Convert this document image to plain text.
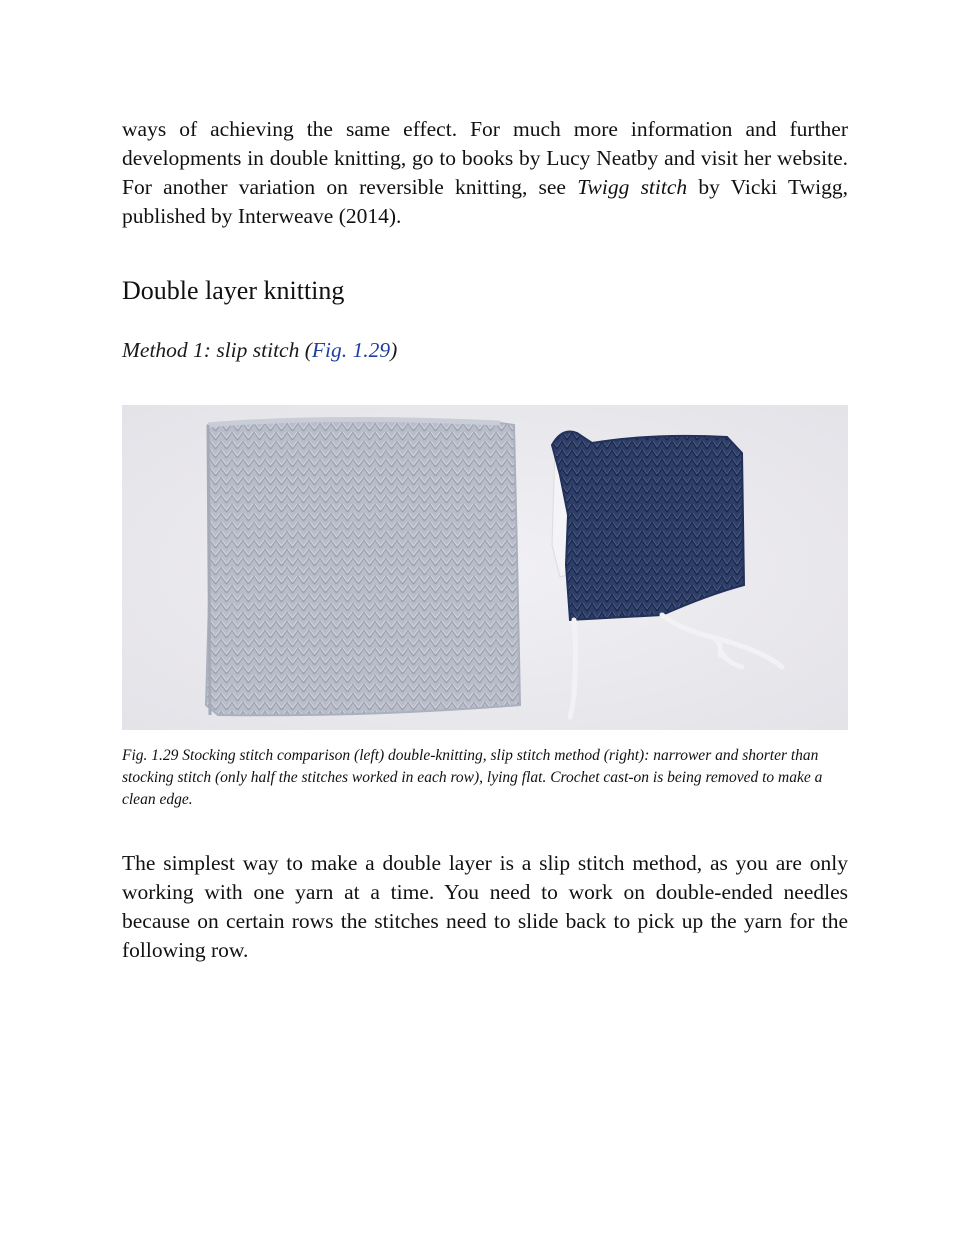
ways of achieving the same effect. For much more information and further developments in double knitting, go to books by Lucy Neatby and visit her website. For another variation on reversible knitting, see Twigg stitch by Vicki Twigg, published by Interweave (2014).

Double layer knitting

Method 1: slip stitch (Fig. 1.29)

Fig. 1.29 Stocking stitch comparison (left) double-knitting, slip stitch method (right): narrower and shorter than stocking stitch (only half the stitches worked in each row), lying flat. Crochet cast-on is being removed to make a clean edge.

The simplest way to make a double layer is a slip stitch method, as you are only working with one yarn at a time. You need to work on double-ended needles because on certain rows the stitches need to slide back to pick up the yarn for the following row.
